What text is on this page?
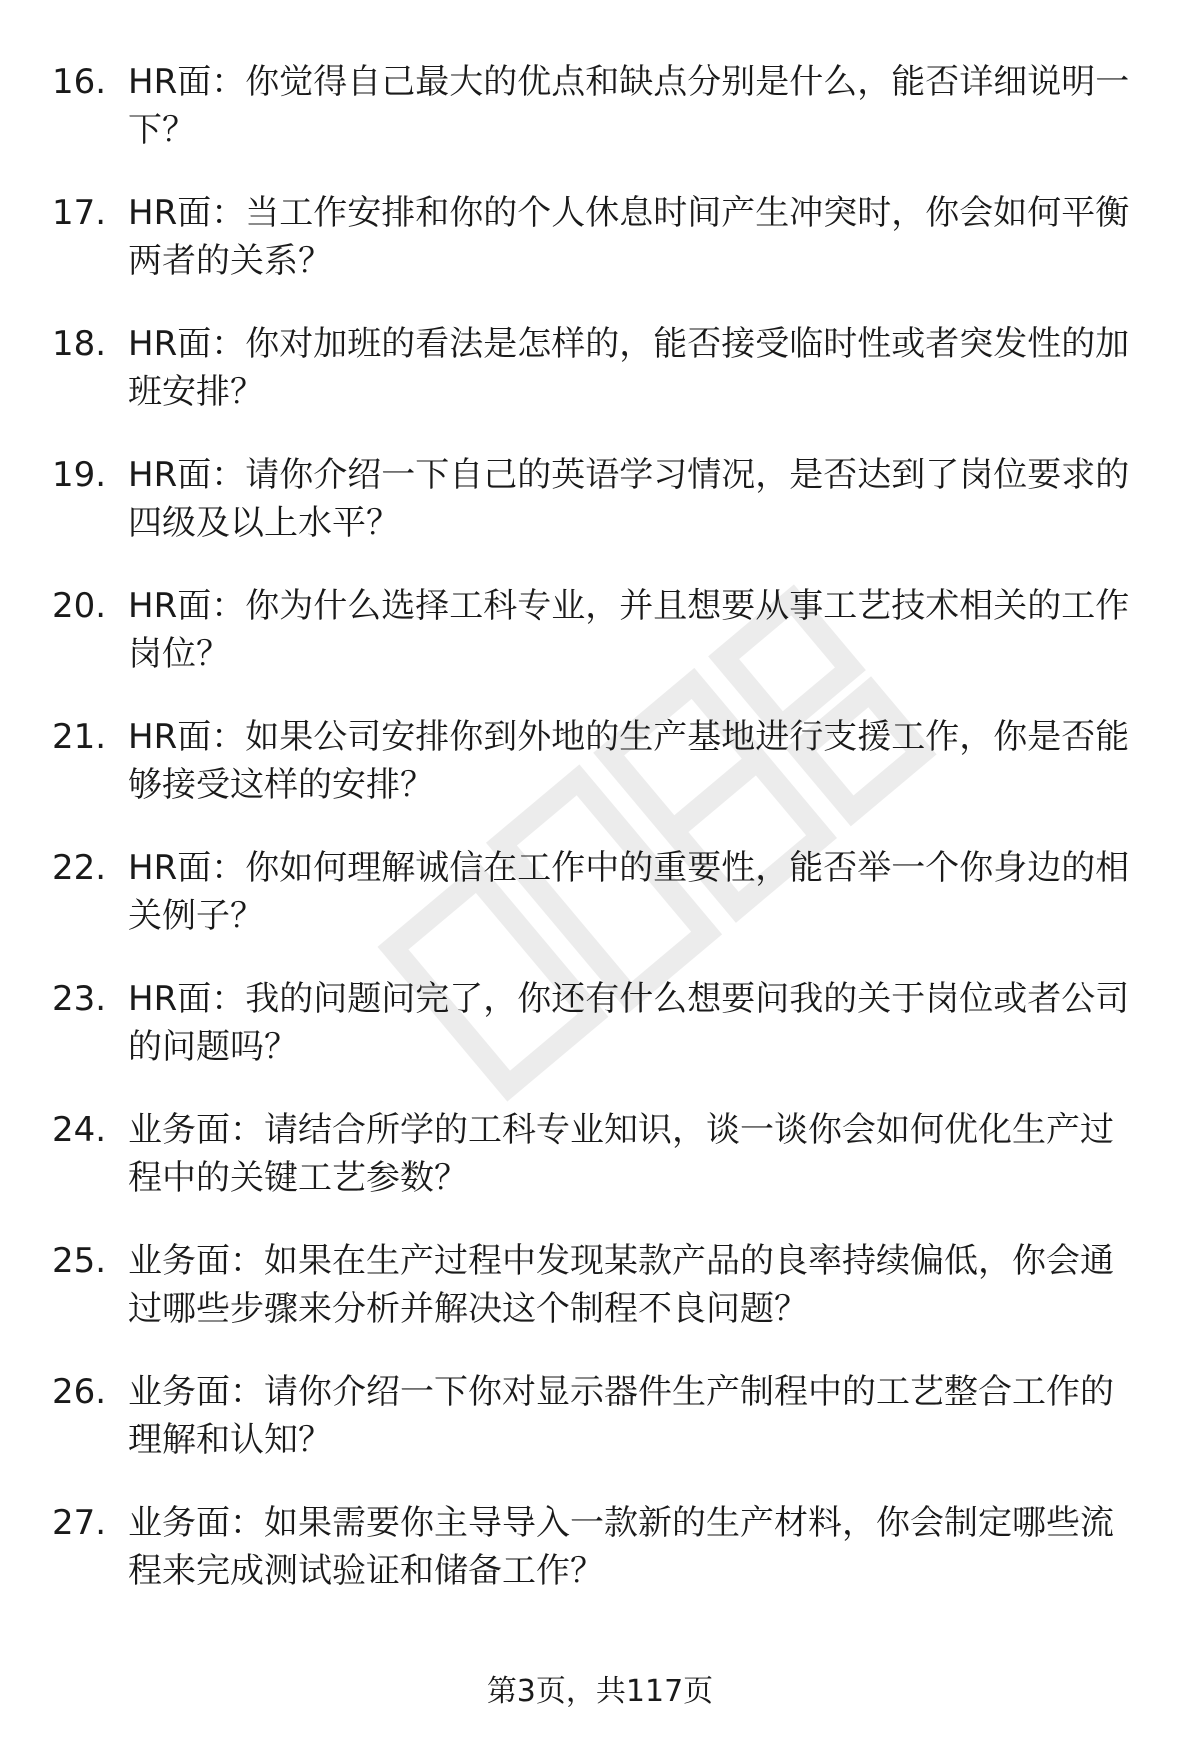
16. HR面：你觉得自己最大的优点和缺点分别是什么，能否详细说明一下？
17. HR面：当工作安排和你的个人休息时间产生冲突时，你会如何平衡两者的关系？
18. HR面：你对加班的看法是怎样的，能否接受临时性或者突发性的加班安排？
19. HR面：请你介绍一下自己的英语学习情况，是否达到了岗位要求的四级及以上水平？
20. HR面：你为什么选择工科专业，并且想要从事工艺技术相关的工作岗位？
21. HR面：如果公司安排你到外地的生产基地进行支援工作，你是否能够接受这样的安排？
22. HR面：你如何理解诚信在工作中的重要性，能否举一个你身边的相关例子？
23. HR面：我的问题问完了，你还有什么想要问我的关于岗位或者公司的问题吗？
24. 业务面：请结合所学的工科专业知识，谈一谈你会如何优化生产过程中的关键工艺参数？
25. 业务面：如果在生产过程中发现某款产品的良率持续偏低，你会通过哪些步骤来分析并解决这个制程不良问题？
26. 业务面：请你介绍一下你对显示器件生产制程中的工艺整合工作的理解和认知？
27. 业务面：如果需要你主导导入一款新的生产材料，你会制定哪些流程来完成测试验证和储备工作？
第3页，共117页
